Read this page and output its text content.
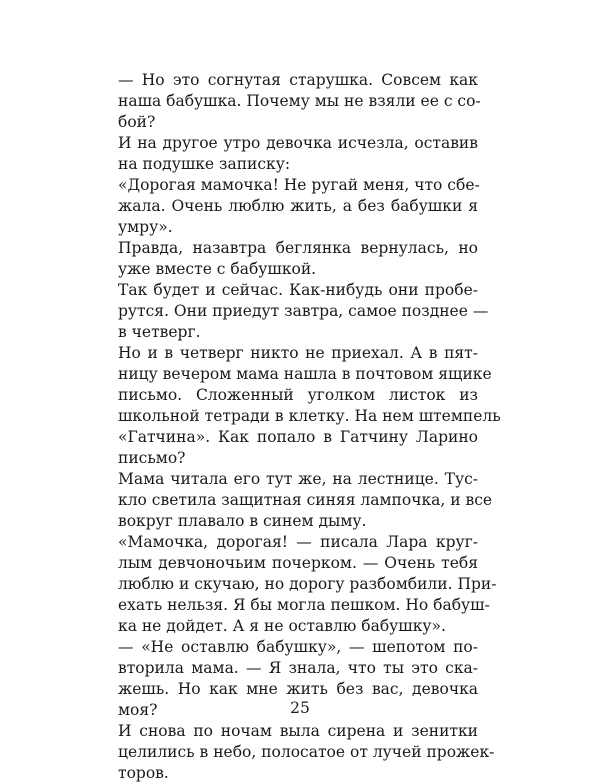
— Но это согнутая старушка. Совсем как
наша бабушка. Почему мы не взяли ее с со-
бой?

И на другое утро девочка исчезла, оставив
на подушке записку:

«Дорогая мамочка! Не ругай меня, что сбе-
жала. Очень люблю жить, а без бабушки я
умру».

Правда, назавтра беглянка вернулась, но
уже вместе с бабушкой.

Так будет и сейчас. Как-нибудь они пробе-
рутся. Они приедут завтра, самое позднее —
в четверг.

Но и в четверг никто не приехал. А в пят-
ницу вечером мама нашла в почтовом ящике
письмо. Сложенный уголком листок из
школьной тетради в клетку. На нем штемпель
«Гатчина». Как попало в Гатчину Ларино
письмо?

Мама читала его тут же, на лестнице. Тус-
кло светила защитная синяя лампочка, и все
вокруг плавало в синем дыму.

«Мамочка, дорогая! — писала Лара круг-
лым девчоночьим почерком. — Очень тебя
люблю и скучаю, но дорогу разбомбили. При-
ехать нельзя. Я бы могла пешком. Но бабуш-
ка не дойдет. А я не оставлю бабушку».

— «Не оставлю бабушку», — шепотом по-
вторила мама. — Я знала, что ты это ска-
жешь. Но как мне жить без вас, девочка
моя?

И снова по ночам выла сирена и зенитки
целились в небо, полосатое от лучей прожек-
торов.

25
